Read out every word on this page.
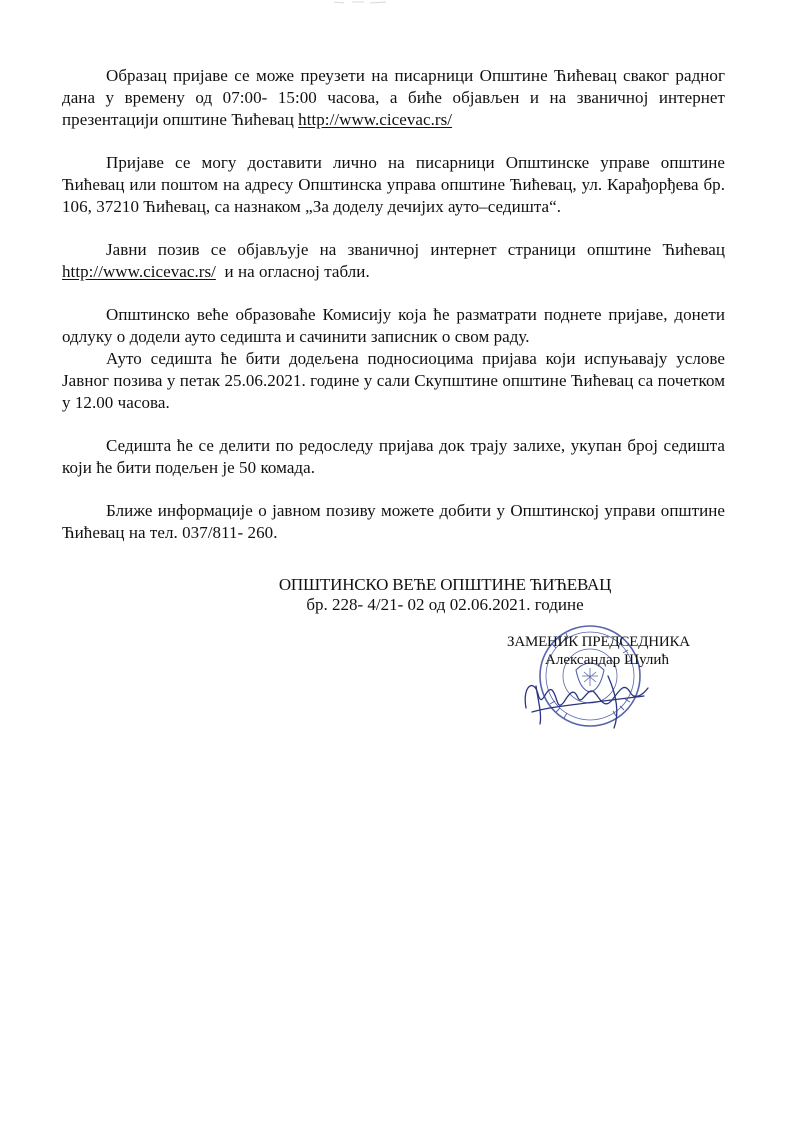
Образац пријаве се може преузети на писарници Општине Ћићевац сваког радног дана у времену од 07:00- 15:00 часова, а биће објављен и на званичној интернет презентацији општине Ћићевац http://www.cicevac.rs/

Пријаве се могу доставити лично на писарници Општинске управе општине Ћићевац или поштом на адресу Општинска управа општине Ћићевац, ул. Карађорђева бр. 106, 37210 Ћићевац, са назнаком „За доделу дечијих ауто–седишта“.

Јавни позив се објављује на званичној интернет страници општине Ћићевац http://www.cicevac.rs/  и на огласној табли.

Општинско веће образоваће Комисију која ће разматрати поднете пријаве, донети одлуку о додели ауто седишта и сачинити записник о свом раду.

Ауто седишта ће бити додељена подносиоцима пријава који испуњавају услове Јавног позива у петак 25.06.2021. године у сали Скупштине општине Ћићевац са почетком у 12.00 часова.

Седишта ће се делити по редоследу пријава док трају залихе, укупан број седишта који ће бити подељен је 50 комада.

Ближе информације о јавном позиву можете добити у Општинској управи општине Ћићевац на тел. 037/811- 260.

ОПШТИНСКО ВЕЋЕ ОПШТИНЕ ЋИЋЕВАЦ
бр. 228- 4/21- 02 од 02.06.2021. године
ЗАМЕНИК ПРЕДСЕДНИКА
Александар Шулић
